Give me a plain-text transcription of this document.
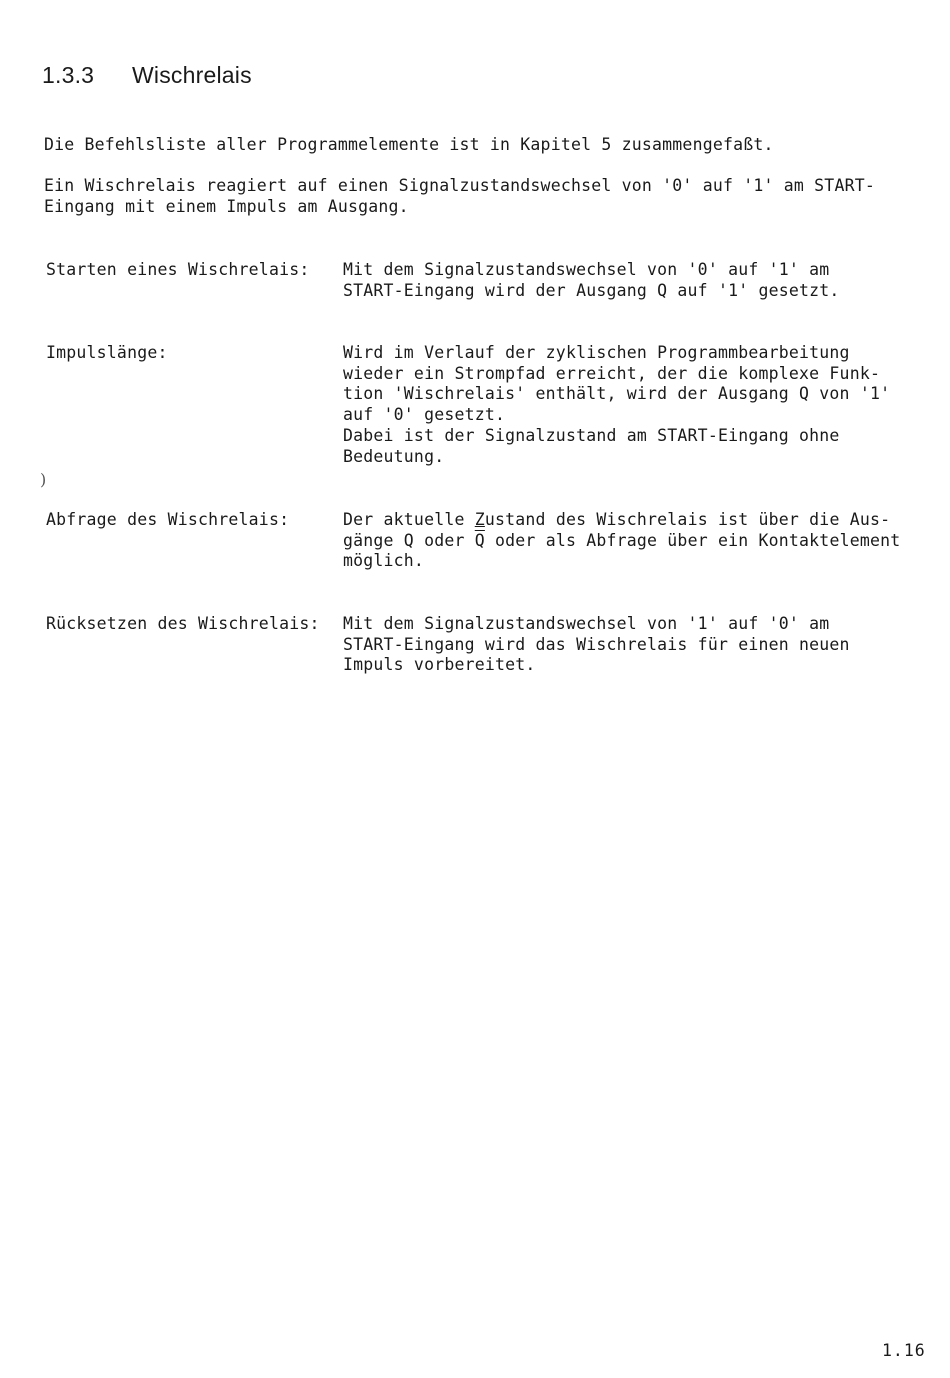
1.3.3 Wischrelais
Die Befehlsliste aller Programmelemente ist in Kapitel 5 zusammengefaßt.
Ein Wischrelais reagiert auf einen Signalzustandswechsel von '0' auf '1' am START-
Eingang mit einem Impuls am Ausgang.
Starten eines Wischrelais: Mit dem Signalzustandswechsel von '0' auf '1' am
START-Eingang wird der Ausgang Q auf '1' gesetzt.
Impulslänge:	Wird im Verlauf der zyklischen Programmbearbeitung
wieder ein Strompfad erreicht, der die komplexe Funk-
tion 'Wischrelais' enthält, wird der Ausgang Q von '1'
auf '0' gesetzt.
Dabei ist der Signalzustand am START-Eingang ohne
Bedeutung.
)
Abfrage des Wischrelais:	Der aktuelle Zustand des Wischrelais ist über die Aus-
gänge Q oder $\overline{Q}$ oder als Abfrage über ein Kontaktelement
möglich.
Rücksetzen des Wischrelais: Mit dem Signalzustandswechsel von '1' auf '0' am
START-Eingang wird das Wischrelais für einen neuen
Impuls vorbereitet.
1.16
